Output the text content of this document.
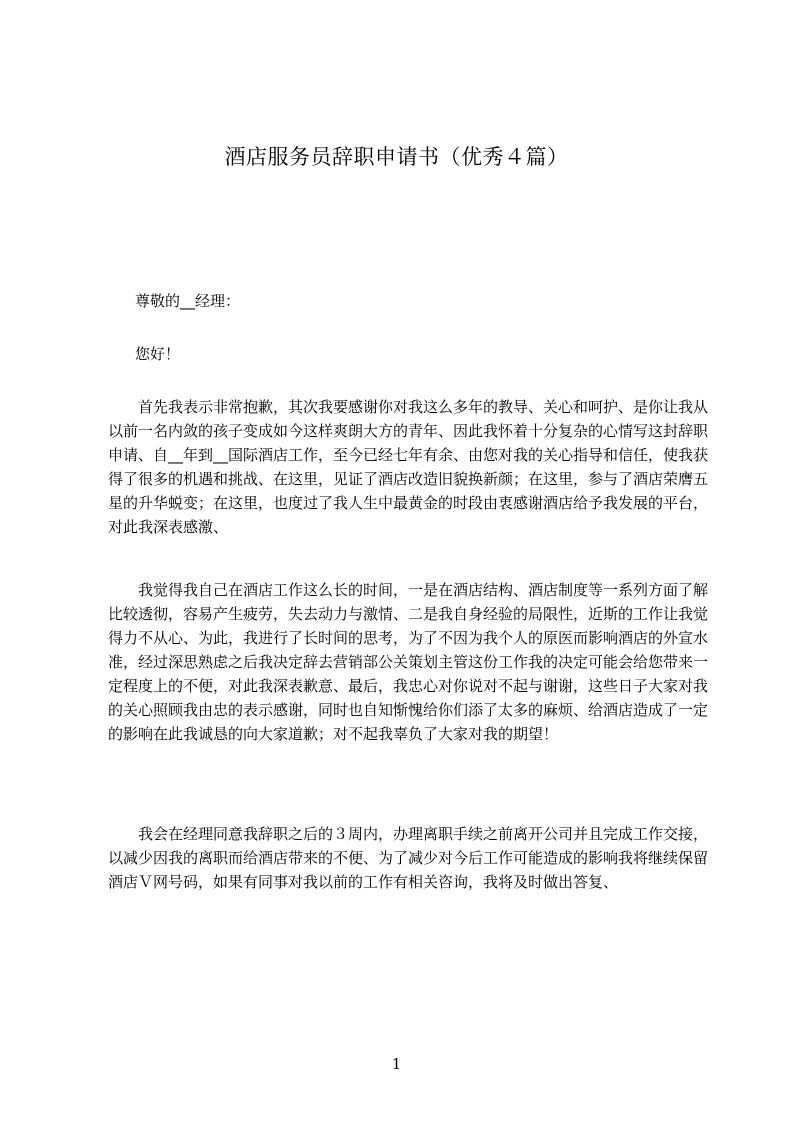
酒店服务员辞职申请书（优秀４篇）
尊敬的__经理：
您好！

首先我表示非常抱歉，其次我要感谢你对我这么多年的教导、关心和呵护、是你让我从以前一名内敛的孩子变成如今这样爽朗大方的青年、因此我怀着十分复杂的心情写这封辞职申请、自__年到__国际酒店工作，至今已经七年有余、由您对我的关心指导和信任，使我获得了很多的机遇和挑战、在这里，见证了酒店改造旧貌换新颜；在这里，参与了酒店荣膺五星的升华蜕变；在这里，也度过了我人生中最黄金的时段由衷感谢酒店给予我发展的平台，对此我深表感激、

我觉得我自己在酒店工作这么长的时间，一是在酒店结构、酒店制度等一系列方面了解比较透彻，容易产生疲劳，失去动力与激情、二是我自身经验的局限性，近斯的工作让我觉得力不从心、为此，我进行了长时间的思考，为了不因为我个人的原医而影响酒店的外宣水准，经过深思熟虑之后我决定辞去营销部公关策划主管这份工作我的决定可能会给您带来一定程度上的不便，对此我深表歉意、最后，我忠心对你说对不起与谢谢，这些日子大家对我的关心照顾我由忠的表示感谢，同时也自知惭愧给你们添了太多的麻烦、给酒店造成了一定的影响在此我诚恳的向大家道歉；对不起我辜负了大家对我的期望！

我会在经理同意我辞职之后的３周内，办理离职手续之前离开公司并且完成工作交接，以减少因我的离职而给酒店带来的不便、为了减少对今后工作可能造成的影响我将继续保留酒店Ｖ网号码，如果有同事对我以前的工作有相关咨询，我将及时做出答复、

1
